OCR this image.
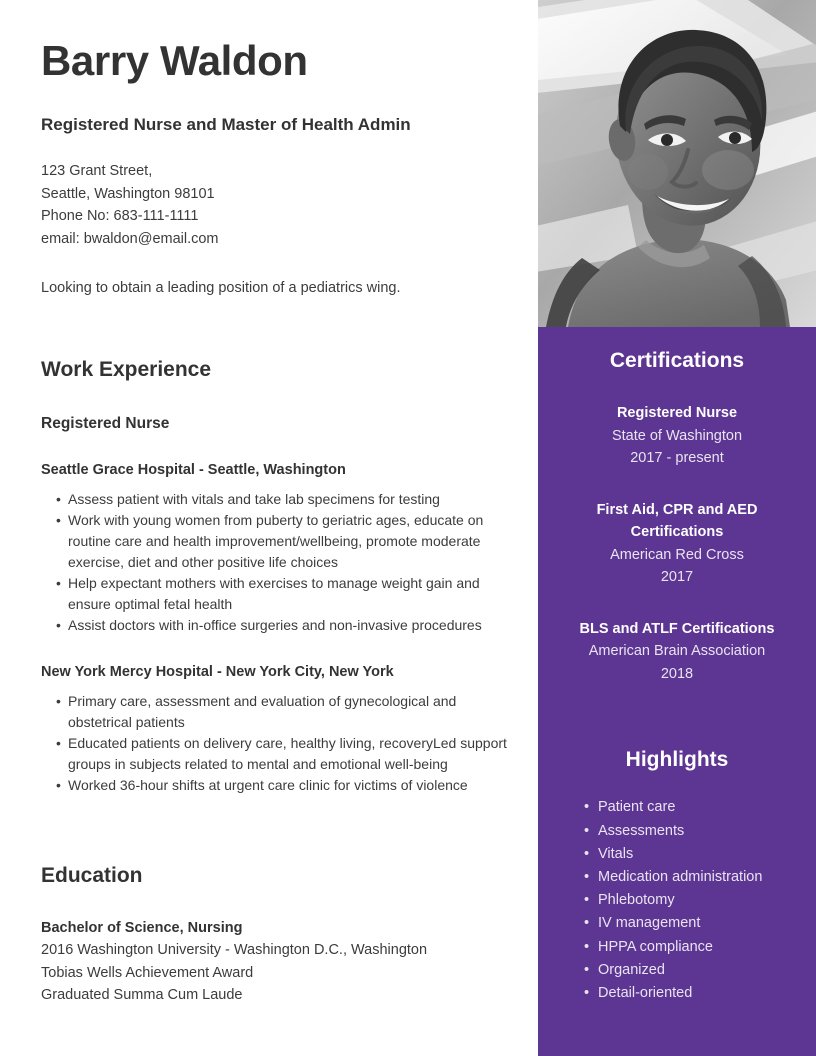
Barry Waldon
Registered Nurse and Master of Health Admin
123 Grant Street,
Seattle, Washington 98101
Phone No: 683-111-1111
email: bwaldon@email.com
Looking to obtain a leading position of a pediatrics wing.
Work Experience
Registered Nurse
Seattle Grace Hospital - Seattle, Washington
• Assess patient with vitals and take lab specimens for testing
• Work with young women from puberty to geriatric ages, educate on routine care and health improvement/wellbeing, promote moderate exercise, diet and other positive life choices
• Help expectant mothers with exercises to manage weight gain and ensure optimal fetal health
• Assist doctors with in-office surgeries and non-invasive procedures
New York Mercy Hospital - New York City, New York
• Primary care, assessment and evaluation of gynecological and obstetrical patients
• Educated patients on delivery care, healthy living, recoveryLed support groups in subjects related to mental and emotional well-being
• Worked 36-hour shifts at urgent care clinic for victims of violence
Education
Bachelor of Science, Nursing
2016 Washington University - Washington D.C., Washington
Tobias Wells Achievement Award
Graduated Summa Cum Laude
Certifications
Registered Nurse
State of Washington
2017 - present
First Aid, CPR and AED Certifications
American Red Cross
2017
BLS and ATLF Certifications
American Brain Association
2018
Highlights
• Patient care
• Assessments
• Vitals
• Medication administration
• Phlebotomy
• IV management
• HPPA compliance
• Organized
• Detail-oriented
